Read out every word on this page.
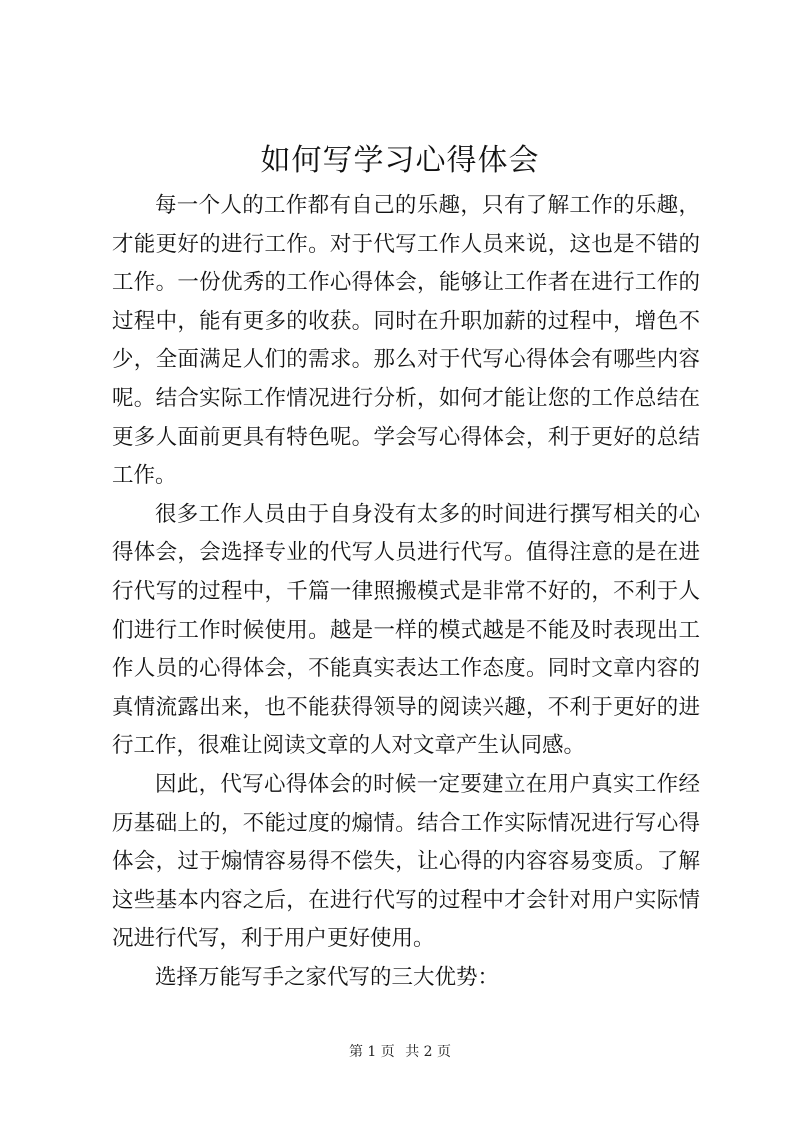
如何写学习心得体会

每一个人的工作都有自己的乐趣，只有了解工作的乐趣，才能更好的进行工作。对于代写工作人员来说，这也是不错的工作。一份优秀的工作心得体会，能够让工作者在进行工作的过程中，能有更多的收获。同时在升职加薪的过程中，增色不少，全面满足人们的需求。那么对于代写心得体会有哪些内容呢。结合实际工作情况进行分析，如何才能让您的工作总结在更多人面前更具有特色呢。学会写心得体会，利于更好的总结工作。

很多工作人员由于自身没有太多的时间进行撰写相关的心得体会，会选择专业的代写人员进行代写。值得注意的是在进行代写的过程中，千篇一律照搬模式是非常不好的，不利于人们进行工作时候使用。越是一样的模式越是不能及时表现出工作人员的心得体会，不能真实表达工作态度。同时文章内容的真情流露出来，也不能获得领导的阅读兴趣，不利于更好的进行工作，很难让阅读文章的人对文章产生认同感。

因此，代写心得体会的时候一定要建立在用户真实工作经历基础上的，不能过度的煽情。结合工作实际情况进行写心得体会，过于煽情容易得不偿失，让心得的内容容易变质。了解这些基本内容之后，在进行代写的过程中才会针对用户实际情况进行代写，利于用户更好使用。

选择万能写手之家代写的三大优势：

第 1 页 共 2 页
